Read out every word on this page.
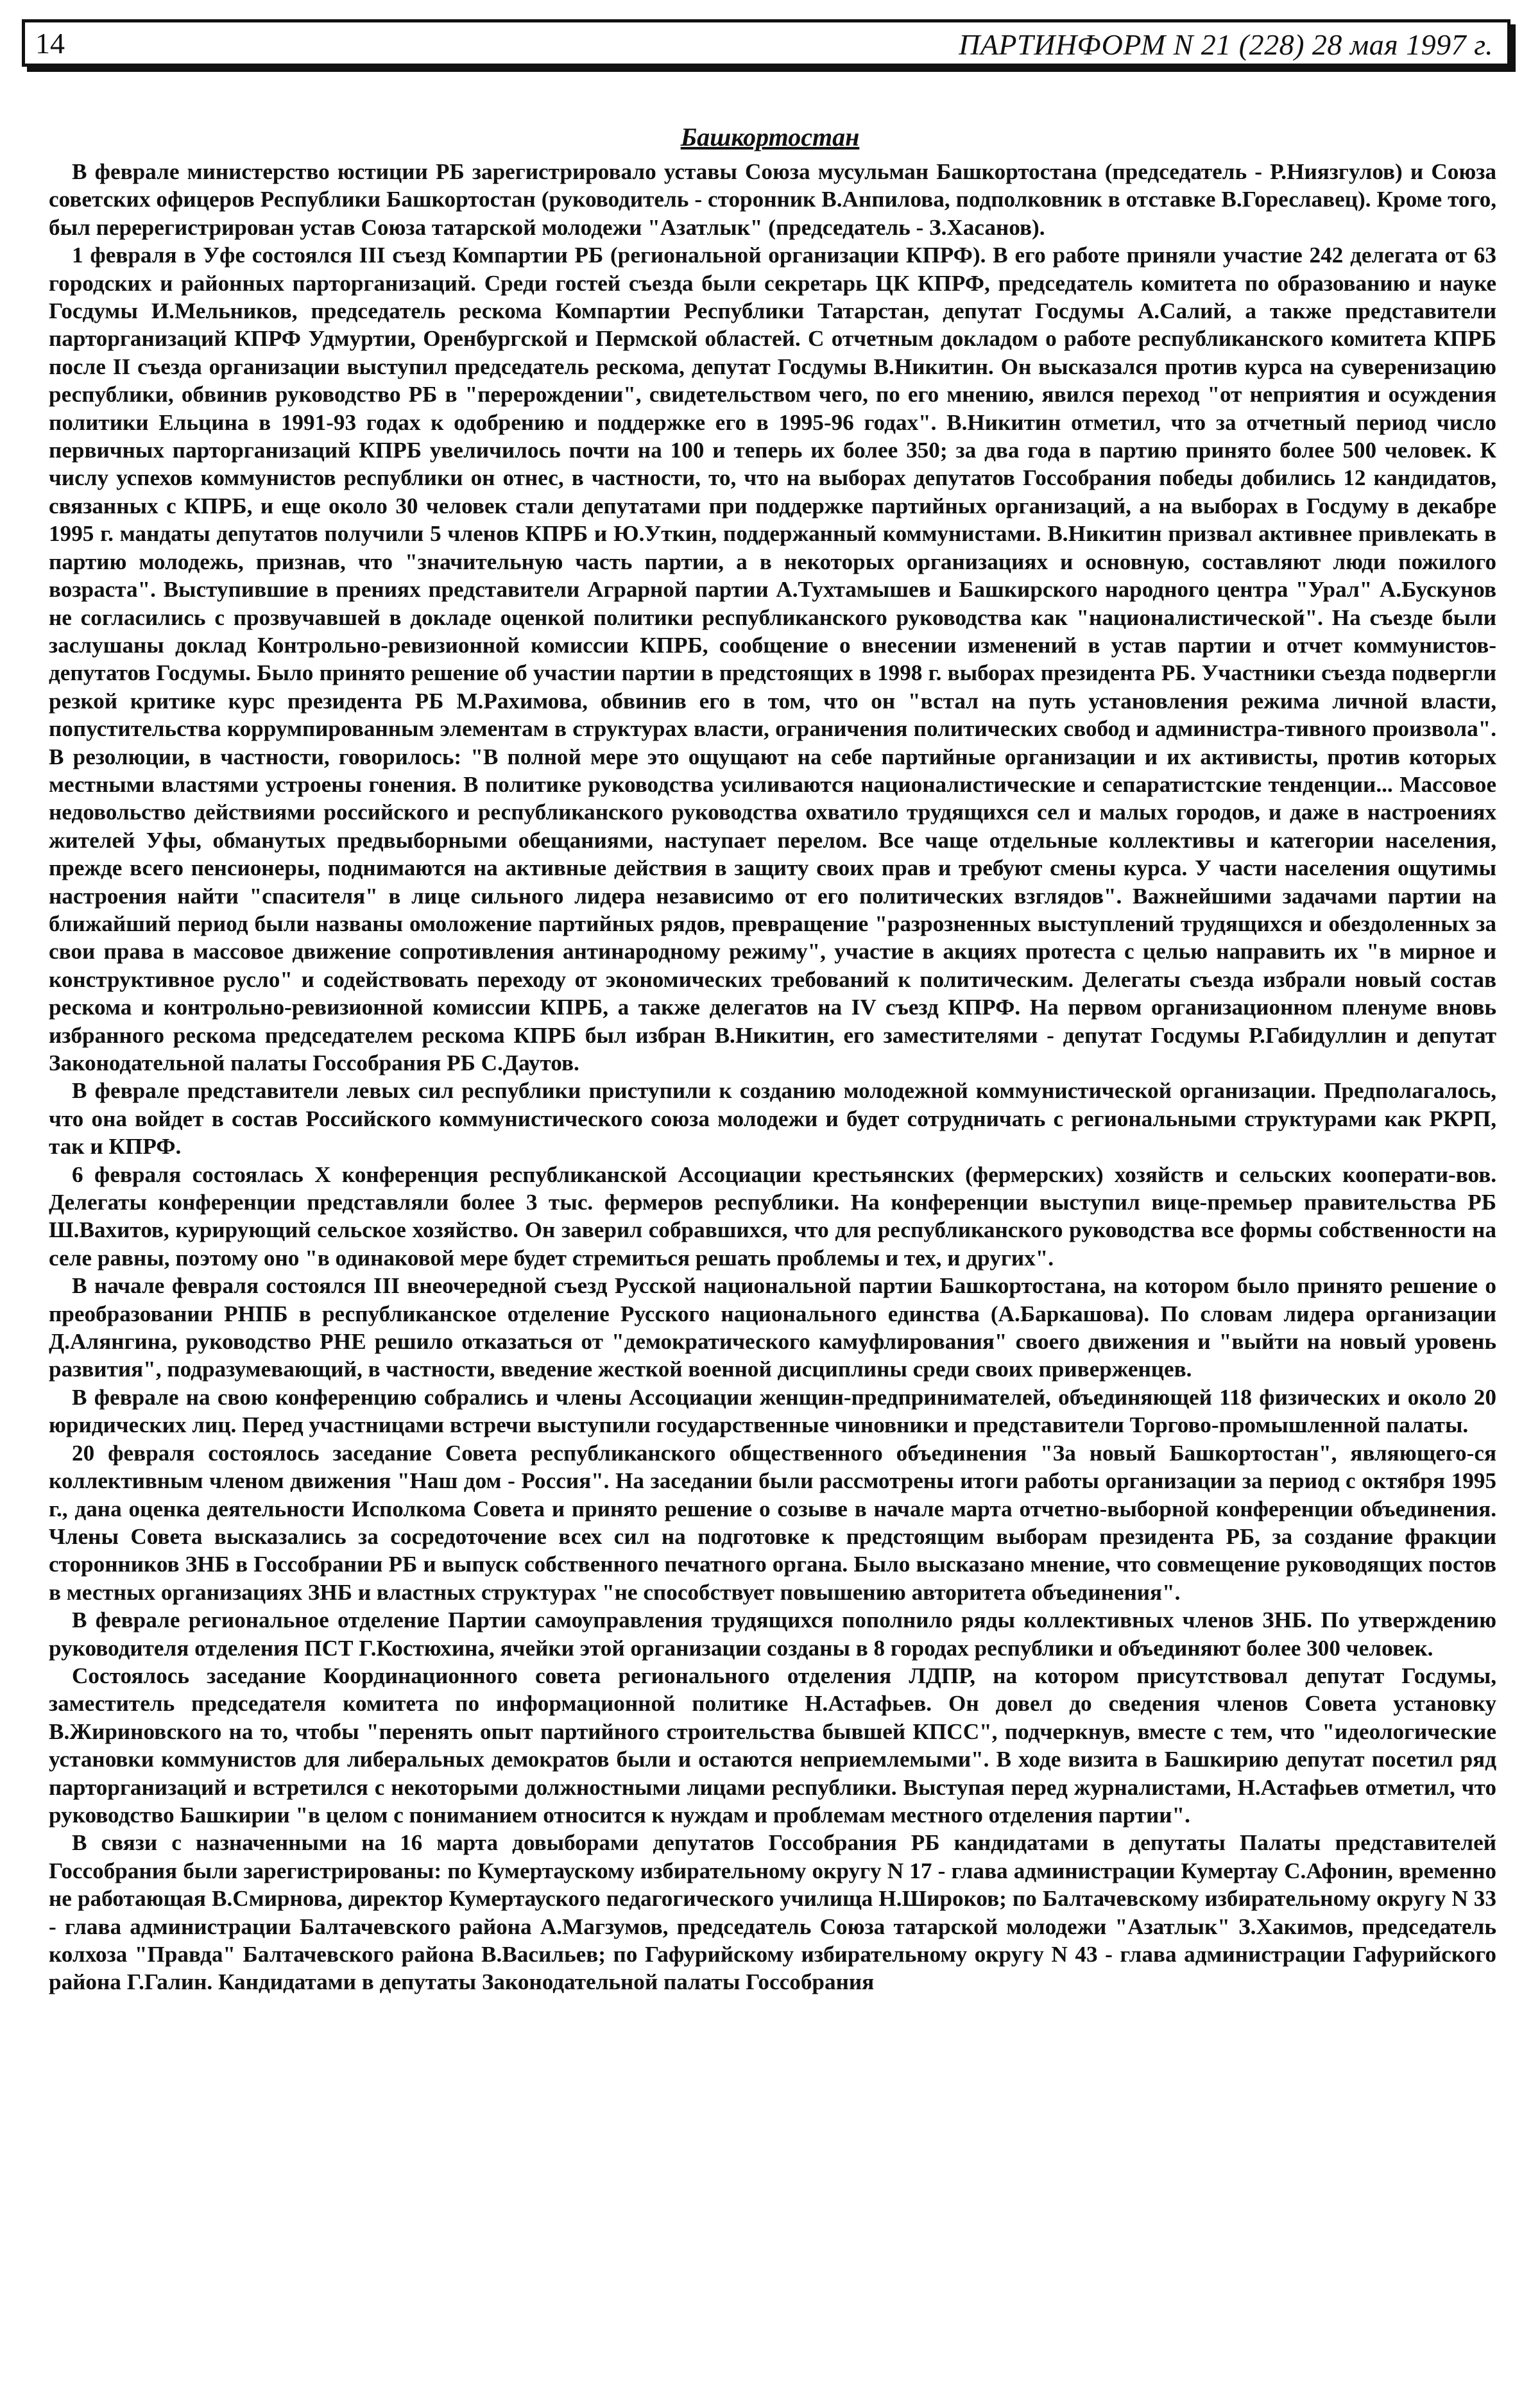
14	ПАРТИНФОРМ N 21 (228) 28 мая 1997 г.
Башкортостан

В феврале министерство юстиции РБ зарегистрировало уставы Союза мусульман Башкортостана (председатель - Р.Ниязгулов) и Союза советских офицеров Республики Башкортостан (руководитель - сторонник В.Анпилова, подполковник в отставке В.Гореславец). Кроме того, был перерегистрирован устав Союза татарской молодежи "Азатлык" (председатель - З.Хасанов).

1 февраля в Уфе состоялся III съезд Компартии РБ (региональной организации КПРФ). В его работе приняли участие 242 делегата от 63 городских и районных парторганизаций. Среди гостей съезда были секретарь ЦК КПРФ, председатель комитета по образованию и науке Госдумы И.Мельников, председатель рескома Компартии Республики Татарстан, депутат Госдумы А.Салий, а также представители парторганизаций КПРФ Удмуртии, Оренбургской и Пермской областей. С отчетным докладом о работе республиканского комитета КПРБ после II съезда организации выступил председатель рескома, депутат Госдумы В.Никитин. Он высказался против курса на суверенизацию республики, обвинив руководство РБ в "перерождении", свидетельством чего, по его мнению, явился переход "от неприятия и осуждения политики Ельцина в 1991-93 годах к одобрению и поддержке его в 1995-96 годах". В.Никитин отметил, что за отчетный период число первичных парторганизаций КПРБ увеличилось почти на 100 и теперь их более 350; за два года в партию принято более 500 человек. К числу успехов коммунистов республики он отнес, в частности, то, что на выборах депутатов Госсобрания победы добились 12 кандидатов, связанных с КПРБ, и еще около 30 человек стали депутатами при поддержке партийных организаций, а на выборах в Госдуму в декабре 1995 г. мандаты депутатов получили 5 членов КПРБ и Ю.Уткин, поддержанный коммунистами. В.Никитин призвал активнее привлекать в партию молодежь, признав, что "значительную часть партии, а в некоторых организациях и основную, составляют люди пожилого возраста". Выступившие в прениях представители Аграрной партии А.Тухтамышев и Башкирского народного центра "Урал" А.Бускунов не согласились с прозвучавшей в докладе оценкой политики республиканского руководства как "националистической". На съезде были заслушаны доклад Контрольно-ревизионной комиссии КПРБ, сообщение о внесении изменений в устав партии и отчет коммунистов-депутатов Госдумы. Было принято решение об участии партии в предстоящих в 1998 г. выборах президента РБ. Участники съезда подвергли резкой критике курс президента РБ М.Рахимова, обвинив его в том, что он "встал на путь установления режима личной власти, попустительства коррумпированным элементам в структурах власти, ограничения политических свобод и администра-тивного произвола". В резолюции, в частности, говорилось: "В полной мере это ощущают на себе партийные организации и их активисты, против которых местными властями устроены гонения. В политике руководства усиливаются националистические и сепаратистские тенденции... Массовое недовольство действиями российского и республиканского руководства охватило трудящихся сел и малых городов, и даже в настроениях жителей Уфы, обманутых предвыборными обещаниями, наступает перелом. Все чаще отдельные коллективы и категории населения, прежде всего пенсионеры, поднимаются на активные действия в защиту своих прав и требуют смены курса. У части населения ощутимы настроения найти "спасителя" в лице сильного лидера независимо от его политических взглядов". Важнейшими задачами партии на ближайший период были названы омоложение партийных рядов, превращение "разрозненных выступлений трудящихся и обездоленных за свои права в массовое движение сопротивления антинародному режиму", участие в акциях протеста с целью направить их "в мирное и конструктивное русло" и содействовать переходу от экономических требований к политическим. Делегаты съезда избрали новый состав рескома и контрольно-ревизионной комиссии КПРБ, а также делегатов на IV съезд КПРФ. На первом организационном пленуме вновь избранного рескома председателем рескома КПРБ был избран В.Никитин, его заместителями - депутат Госдумы Р.Габидуллин и депутат Законодательной палаты Госсобрания РБ С.Даутов.

В феврале представители левых сил республики приступили к созданию молодежной коммунистической организации. Предполагалось, что она войдет в состав Российского коммунистического союза молодежи и будет сотрудничать с региональными структурами как РКРП, так и КПРФ.

6 февраля состоялась X конференция республиканской Ассоциации крестьянских (фермерских) хозяйств и сельских кооперати-вов. Делегаты конференции представляли более 3 тыс. фермеров республики. На конференции выступил вице-премьер правительства РБ Ш.Вахитов, курирующий сельское хозяйство. Он заверил собравшихся, что для республиканского руководства все формы собственности на селе равны, поэтому оно "в одинаковой мере будет стремиться решать проблемы и тех, и других".

В начале февраля состоялся III внеочередной съезд Русской национальной партии Башкортостана, на котором было принято решение о преобразовании РНПБ в республиканское отделение Русского национального единства (А.Баркашова). По словам лидера организации Д.Алянгина, руководство РНЕ решило отказаться от "демократического камуфлирования" своего движения и "выйти на новый уровень развития", подразумевающий, в частности, введение жесткой военной дисциплины среди своих приверженцев.

В феврале на свою конференцию собрались и члены Ассоциации женщин-предпринимателей, объединяющей 118 физических и около 20 юридических лиц. Перед участницами встречи выступили государственные чиновники и представители Торгово-промышленной палаты.

20 февраля состоялось заседание Совета республиканского общественного объединения "За новый Башкортостан", являющего-ся коллективным членом движения "Наш дом - Россия". На заседании были рассмотрены итоги работы организации за период с октября 1995 г., дана оценка деятельности Исполкома Совета и принято решение о созыве в начале марта отчетно-выборной конференции объединения. Члены Совета высказались за сосредоточение всех сил на подготовке к предстоящим выборам президента РБ, за создание фракции сторонников ЗНБ в Госсобрании РБ и выпуск собственного печатного органа. Было высказано мнение, что совмещение руководящих постов в местных организациях ЗНБ и властных структурах "не способствует повышению авторитета объединения".

В феврале региональное отделение Партии самоуправления трудящихся пополнило ряды коллективных членов ЗНБ. По утверждению руководителя отделения ПСТ Г.Костюхина, ячейки этой организации созданы в 8 городах республики и объединяют более 300 человек.

Состоялось заседание Координационного совета регионального отделения ЛДПР, на котором присутствовал депутат Госдумы, заместитель председателя комитета по информационной политике Н.Астафьев. Он довел до сведения членов Совета установку В.Жириновского на то, чтобы "перенять опыт партийного строительства бывшей КПСС", подчеркнув, вместе с тем, что "идеологические установки коммунистов для либеральных демократов были и остаются неприемлемыми". В ходе визита в Башкирию депутат посетил ряд парторганизаций и встретился с некоторыми должностными лицами республики. Выступая перед журналистами, Н.Астафьев отметил, что руководство Башкирии "в целом с пониманием относится к нуждам и проблемам местного отделения партии".

В связи с назначенными на 16 марта довыборами депутатов Госсобрания РБ кандидатами в депутаты Палаты представителей Госсобрания были зарегистрированы: по Кумертаускому избирательному округу N 17 - глава администрации Кумертау С.Афонин, временно не работающая В.Смирнова, директор Кумертауского педагогического училища Н.Широков; по Балтачевскому избирательному округу N 33 - глава администрации Балтачевского района А.Магзумов, председатель Союза татарской молодежи "Азатлык" З.Хакимов, председатель колхоза "Правда" Балтачевского района В.Васильев; по Гафурийскому избирательному округу N 43 - глава администрации Гафурийского района Г.Галин. Кандидатами в депутаты Законодательной палаты Госсобрания
